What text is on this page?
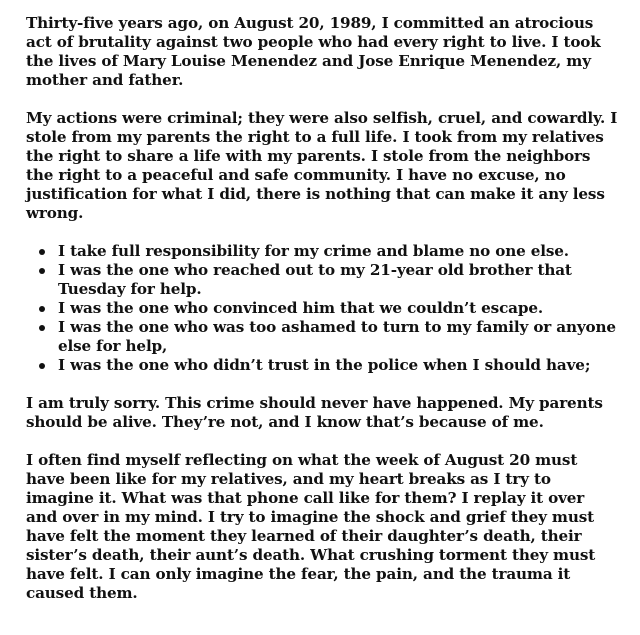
Thirty-five years ago, on August 20, 1989, I committed an atrocious act of brutality against two people who had every right to live. I took the lives of Mary Louise Menendez and Jose Enrique Menendez, my mother and father.

My actions were criminal; they were also selfish, cruel, and cowardly. I stole from my parents the right to a full life. I took from my relatives the right to share a life with my parents. I stole from the neighbors the right to a peaceful and safe community. I have no excuse, no justification for what I did, there is nothing that can make it any less wrong.

I take full responsibility for my crime and blame no one else.
I was the one who reached out to my 21-year old brother that Tuesday for help.
I was the one who convinced him that we couldn’t escape.
I was the one who was too ashamed to turn to my family or anyone else for help,
I was the one who didn’t trust in the police when I should have;

I am truly sorry. This crime should never have happened. My parents should be alive. They’re not, and I know that’s because of me.

I often find myself reflecting on what the week of August 20 must have been like for my relatives, and my heart breaks as I try to imagine it. What was that phone call like for them? I replay it over and over in my mind. I try to imagine the shock and grief they must have felt the moment they learned of their daughter’s death, their sister’s death, their aunt’s death. What crushing torment they must have felt. I can only imagine the fear, the pain, and the trauma it caused them.
